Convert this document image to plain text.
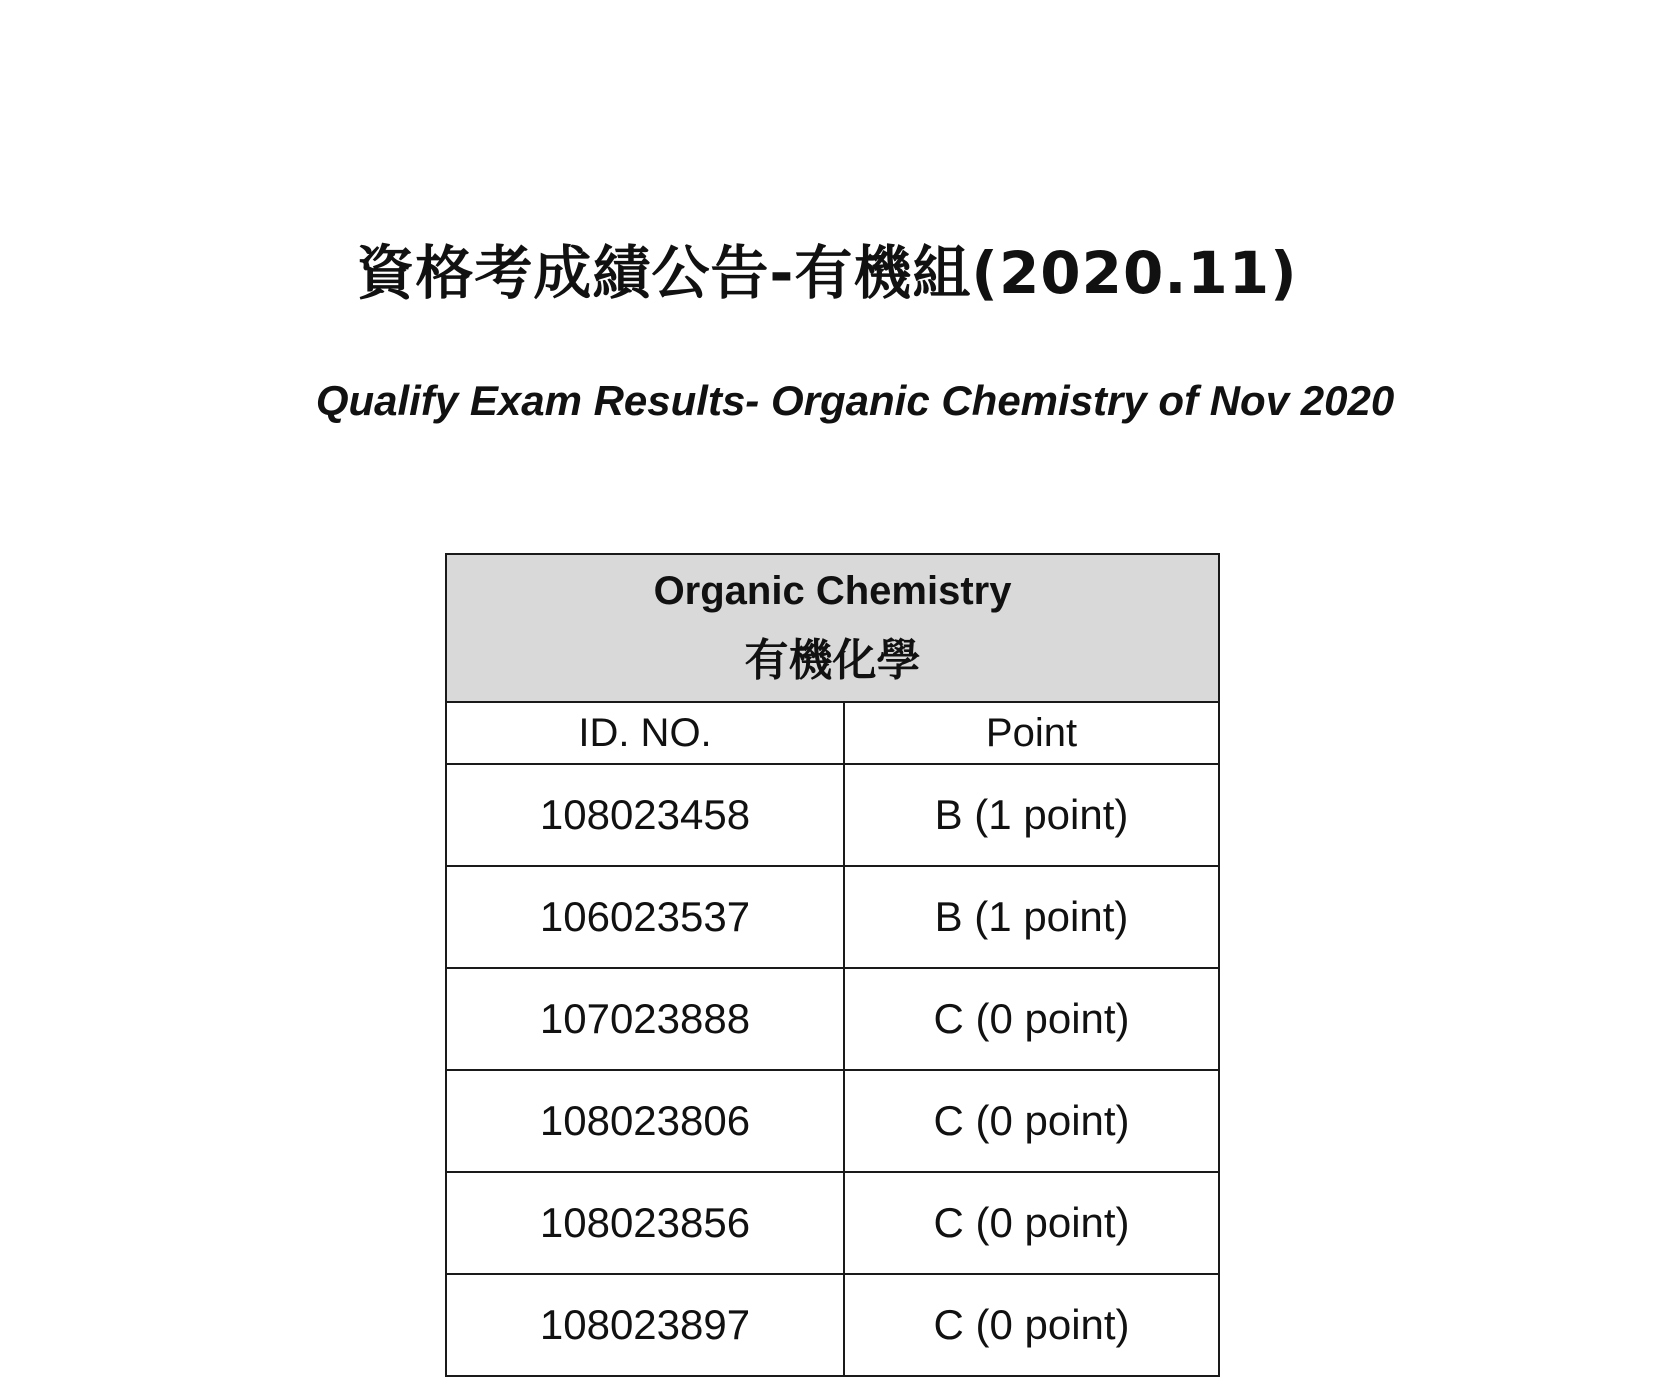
資格考成績公告-有機組(2020.11)
Qualify Exam Results- Organic Chemistry of Nov 2020
Organic Chemistry
有機化學	

ID. NO.	Point
108023458	B (1 point)
106023537	B (1 point)
107023888	C (0 point)
108023806	C (0 point)
108023856	C (0 point)
108023897	C (0 point)
